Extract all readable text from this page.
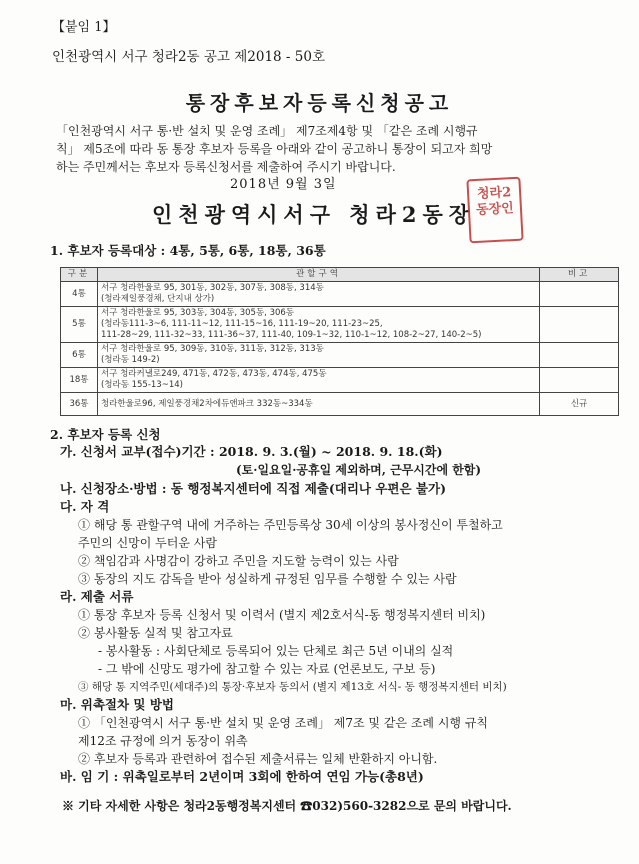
【붙임 1】
인천광역시 서구 청라2동 공고 제2018 - 50호
통장후보자등록신청공고
「인천광역시 서구 통·반 설치 및 운영 조례」 제7조제4항 및 「같은 조례 시행규
칙」 제5조에 따라 동 통장 후보자 등록을 아래와 같이 공고하니 통장이 되고자 희망
하는 주민께서는 후보자 등록신청서를 제출하여 주시기 바랍니다.
2018년 9월 3일
인천광역시서구 청라2동장
청라2
동장인
1. 후보자 등록대상 : 4통, 5통, 6통, 18통, 36통
구분	관할구역	비고
4통	서구 청라한울로 95, 301동, 302동, 307동, 308동, 314동
(청라제일풍경채, 단지내 상가)	

5통	서구 청라한울로 95, 303동, 304동, 305동, 306동
(청라동111-3~6, 111-11~12, 111-15~16, 111-19~20, 111-23~25,
111-28~29, 111-32~33, 111-36~37, 111-40, 109-1~32, 110-1~12, 108-2~27, 140-2~5)	

6통	서구 청라한울로 95, 309동, 310동, 311동, 312동, 313동
(청라동 149-2)	

18통	서구 청라커낼로249, 471동, 472동, 473동, 474동, 475동
(청라동 155-13~14)	

36통	청라한울로96, 제일풍경채2차에듀앤파크 332동~334동	신규
2. 후보자 등록 신청
가. 신청서 교부(접수)기간 : 2018. 9. 3.(월) ~ 2018. 9. 18.(화)
(토·일요일·공휴일 제외하며, 근무시간에 한함)
나. 신청장소·방법 : 동 행정복지센터에 직접 제출(대리나 우편은 불가)
다. 자 격
① 해당 통 관할구역 내에 거주하는 주민등록상 30세 이상의 봉사정신이 투철하고
주민의 신망이 두터운 사람
② 책임감과 사명감이 강하고 주민을 지도할 능력이 있는 사람
③ 동장의 지도 감독을 받아 성실하게 규정된 임무를 수행할 수 있는 사람
라. 제출 서류
① 통장 후보자 등록 신청서 및 이력서 (별지 제2호서식-동 행정복지센터 비치)
② 봉사활동 실적 및 참고자료
- 봉사활동 : 사회단체로 등록되어 있는 단체로 최근 5년 이내의 실적
- 그 밖에 신망도 평가에 참고할 수 있는 자료 (언론보도, 구보 등)
③ 해당 통 지역주민(세대주)의 통장·후보자 동의서 (별지 제13호 서식- 동 행정복지센터 비치)
마. 위촉절차 및 방법
① 「인천광역시 서구 통·반 설치 및 운영 조례」 제7조 및 같은 조례 시행 규칙
제12조 규정에 의거 동장이 위촉
② 후보자 등록과 관련하여 접수된 제출서류는 일체 반환하지 아니함.
바. 임 기 : 위촉일로부터 2년이며 3회에 한하여 연임 가능(총8년)
※ 기타 자세한 사항은 청라2동행정복지센터 ☎032)560-3282으로 문의 바랍니다.
